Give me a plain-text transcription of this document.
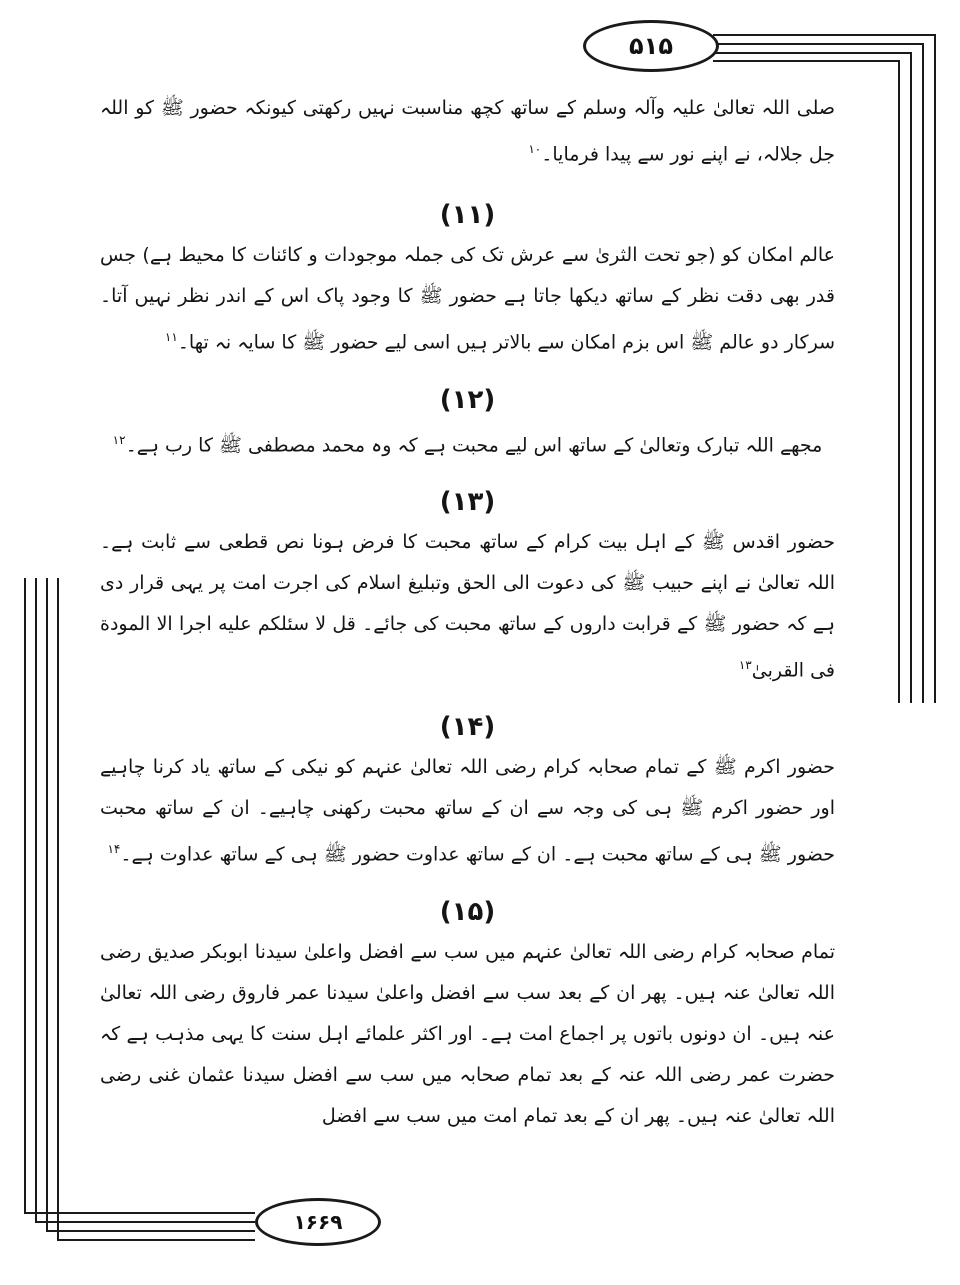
۵۱۵
۱۶۶۹

صلی اللہ تعالیٰ علیہ وآلہ وسلم کے ساتھ کچھ مناسبت نہیں رکھتی کیونکہ حضور ﷺ کو اللہ جل جلالہ، نے اپنے نور سے پیدا فرمایا۔$^{۱۰}$

(۱۱)

عالم امکان کو (جو تحت الثریٰ سے عرش تک کی جملہ موجودات و کائنات کا محیط ہے) جس قدر بھی دقت نظر کے ساتھ دیکھا جاتا ہے حضور ﷺ کا وجود پاک اس کے اندر نظر نہیں آتا۔ سرکار دو عالم ﷺ اس بزم امکان سے بالاتر ہیں اسی لیے حضور ﷺ کا سایہ نہ تھا۔$^{۱۱}$

(۱۲)

مجھے اللہ تبارک وتعالیٰ کے ساتھ اس لیے محبت ہے کہ وہ محمد مصطفی ﷺ کا رب ہے۔$^{۱۲}$

(۱۳)

حضور اقدس ﷺ کے اہل بیت کرام کے ساتھ محبت کا فرض ہونا نص قطعی سے ثابت ہے۔ اللہ تعالیٰ نے اپنے حبیب ﷺ کی دعوت الی الحق وتبلیغ اسلام کی اجرت امت پر یہی قرار دی ہے کہ حضور ﷺ کے قرابت داروں کے ساتھ محبت کی جائے۔ قل لا سئلکم علیه اجرا الا المودة فی القربیٰ$^{۱۳}$

(۱۴)

حضور اکرم ﷺ کے تمام صحابہ کرام رضی اللہ تعالیٰ عنہم کو نیکی کے ساتھ یاد کرنا چاہیے اور حضور اکرم ﷺ ہی کی وجہ سے ان کے ساتھ محبت رکھنی چاہیے۔ ان کے ساتھ محبت حضور ﷺ ہی کے ساتھ محبت ہے۔ ان کے ساتھ عداوت حضور ﷺ ہی کے ساتھ عداوت ہے۔$^{۱۴}$

(۱۵)

تمام صحابہ کرام رضی اللہ تعالیٰ عنہم میں سب سے افضل واعلیٰ سیدنا ابوبکر صدیق رضی اللہ تعالیٰ عنہ ہیں۔ پھر ان کے بعد سب سے افضل واعلیٰ سیدنا عمر فاروق رضی اللہ تعالیٰ عنہ ہیں۔ ان دونوں باتوں پر اجماع امت ہے۔ اور اکثر علمائے اہل سنت کا یہی مذہب ہے کہ حضرت عمر رضی اللہ عنہ کے بعد تمام صحابہ میں سب سے افضل سیدنا عثمان غنی رضی اللہ تعالیٰ عنہ ہیں۔ پھر ان کے بعد تمام امت میں سب سے افضل
